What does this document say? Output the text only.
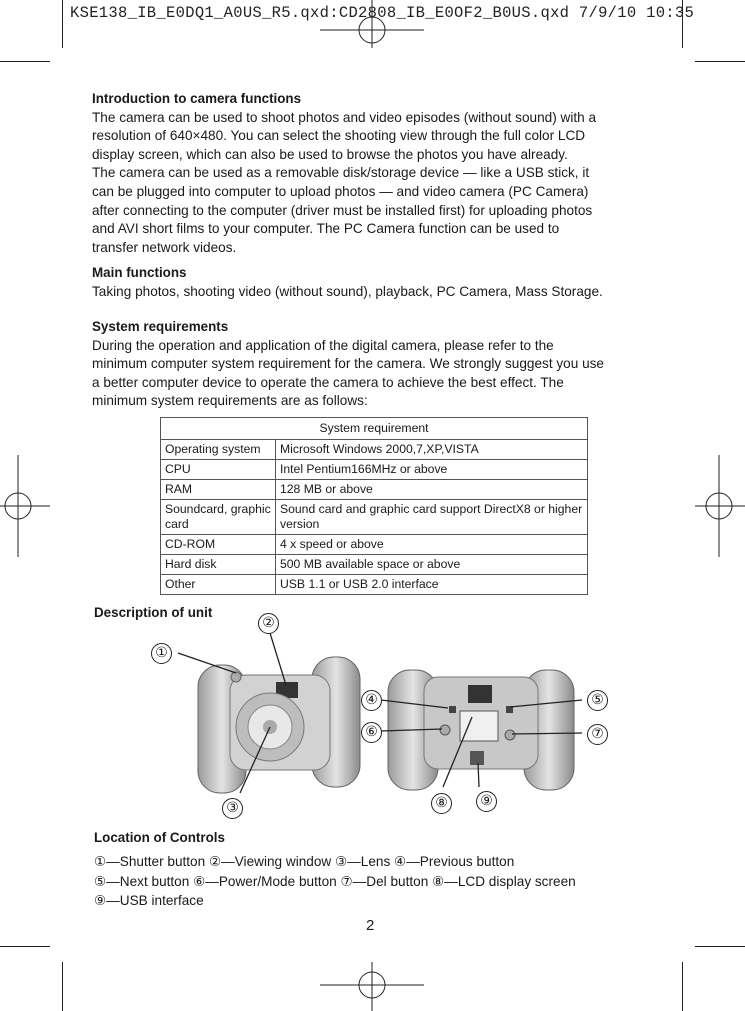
KSE138_IB_E0DQ1_A0US_R5.qxd:CD2808_IB_E0OF2_B0US.qxd 7/9/10 10:35
Introduction to camera functions

The camera can be used to shoot photos and video episodes (without sound) with a

resolution of 640×480. You can select the shooting view through the full color LCD

display screen, which can also be used to browse the photos you have already.

The camera can be used as a removable disk/storage device — like a USB stick, it

can be plugged into computer to upload photos — and video camera (PC Camera)

after connecting to the computer (driver must be installed first) for uploading photos

and AVI short films to your computer. The PC Camera function can be used to

transfer network videos.

Main functions

Taking photos, shooting video (without sound), playback, PC Camera, Mass Storage.

System requirements

During the operation and application of the digital camera, please refer to the

minimum computer system requirement for the camera. We strongly suggest you use

a better computer device to operate the camera to achieve the best effect. The

minimum system requirements are as follows:

System requirement	
Operating system	Microsoft Windows 2000,7,XP,VISTA
CPU	Intel Pentium166MHz or above
RAM	128 MB or above
Soundcard, graphic card	Sound card and graphic card support DirectX8 or higher version
CD-ROM	4 x speed or above
Hard disk	500 MB available space or above
Other	USB 1.1 or USB 2.0 interface
Description of unit
①
②
③
④	⑤
⑥	⑦
⑧	⑨
Location of Controls
①—Shutter button ②—Viewing window ③—Lens ④—Previous button
⑤—Next button ⑥—Power/Mode button ⑦—Del button ⑧—LCD display screen
⑨—USB interface
2
